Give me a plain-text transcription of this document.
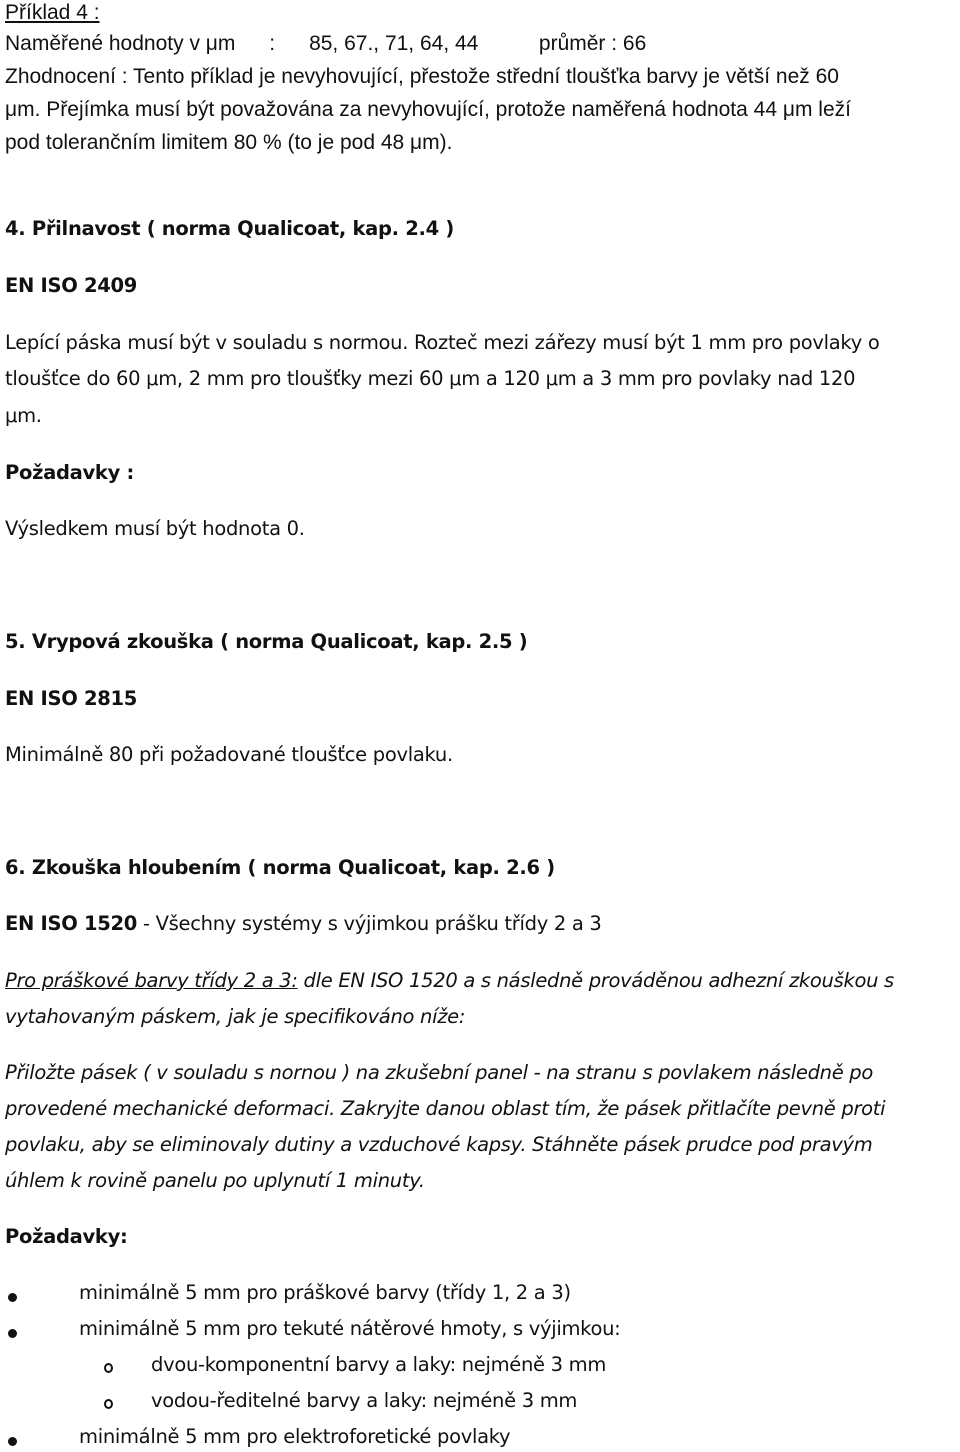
Příklad 4 :
Naměřené hodnoty v μm : 85, 67., 71, 64, 44	průměr : 66
Zhodnocení : Tento příklad je nevyhovující, přestože střední tloušťka barvy je větší než 60
μm. Přejímka musí být považována za nevyhovující, protože naměřená hodnota 44 μm leží
pod tolerančním limitem 80 % (to je pod 48 μm).
4. Přilnavost ( norma Qualicoat, kap. 2.4 )
EN ISO 2409
Lepící páska musí být v souladu s normou. Rozteč mezi zářezy musí být 1 mm pro povlaky o
tloušťce do 60 μm, 2 mm pro tloušťky mezi 60 μm a 120 μm a 3 mm pro povlaky nad 120
μm.
Požadavky :
Výsledkem musí být hodnota 0.
5. Vrypová zkouška ( norma Qualicoat, kap. 2.5 )
EN ISO 2815
Minimálně 80 při požadované tloušťce povlaku.
6. Zkouška hloubením ( norma Qualicoat, kap. 2.6 )
EN ISO 1520 - Všechny systémy s výjimkou prášku třídy 2 a 3
Pro práškové barvy třídy 2 a 3: dle EN ISO 1520 a s následně prováděnou adhezní zkouškou s
vytahovaným páskem, jak je specifikováno níže:
Přiložte pásek ( v souladu s nornou ) na zkušební panel - na stranu s povlakem následně po
provedené mechanické deformaci. Zakryjte danou oblast tím, že pásek přitlačíte pevně proti
povlaku, aby se eliminovaly dutiny a vzduchové kapsy. Stáhněte pásek prudce pod pravým
úhlem k rovině panelu po uplynutí 1 minuty.
Požadavky:
minimálně 5 mm pro práškové barvy (třídy 1, 2 a 3)
minimálně 5 mm pro tekuté nátěrové hmoty, s výjimkou:
dvou-komponentní barvy a laky: nejméně 3 mm
vodou-ředitelné barvy a laky: nejméně 3 mm
minimálně 5 mm pro elektroforetické povlaky
